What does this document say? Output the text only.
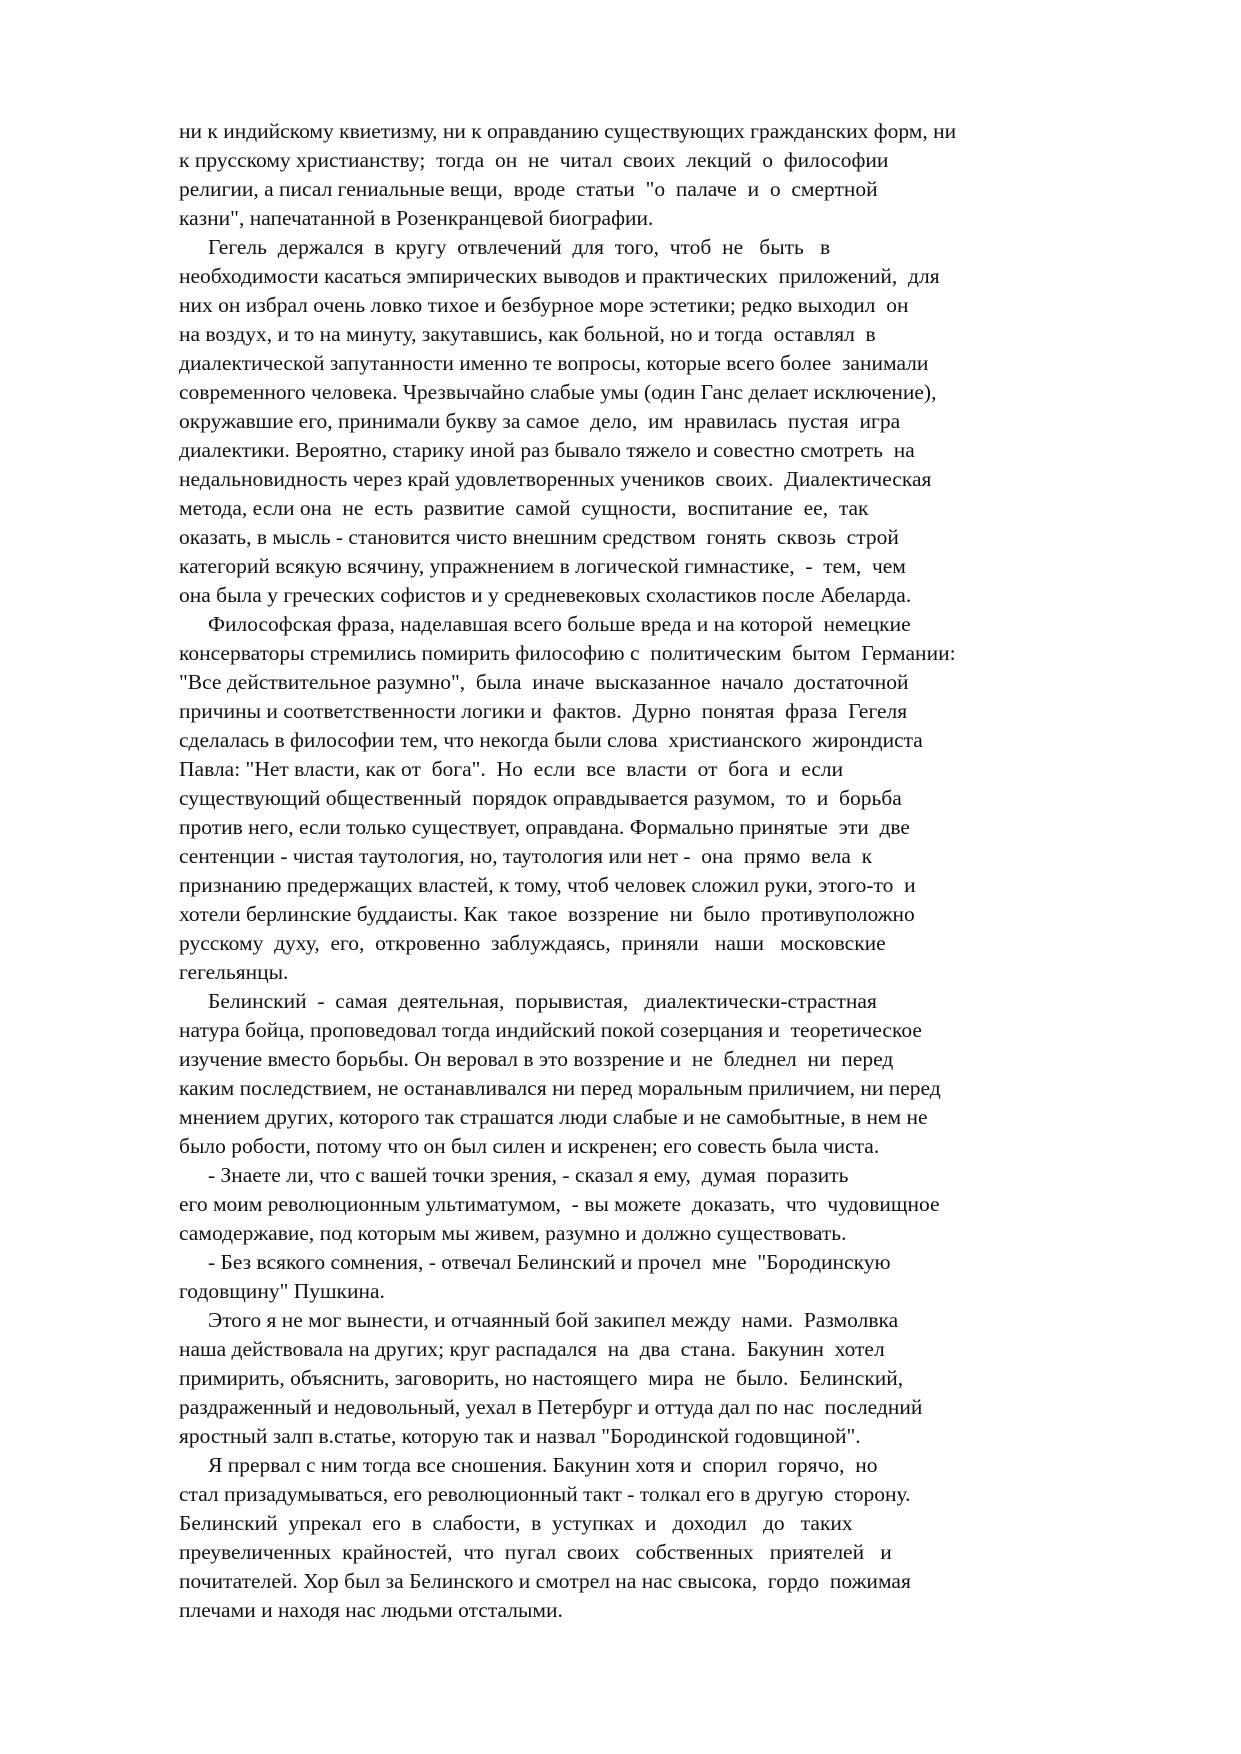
ни к индийскому квиетизму, ни к оправданию существующих гражданских форм, ни
к прусскому христианству;  тогда  он  не  читал  своих  лекций  о  философии
религии, а писал гениальные вещи,  вроде  статьи  "о  палаче  и  о  смертной
казни", напечатанной в Розенкранцевой биографии.
Гегель  держался  в  кругу  отвлечений  для  того,  чтоб  не   быть   в
необходимости касаться эмпирических выводов и практических  приложений,  для
них он избрал очень ловко тихое и безбурное море эстетики; редко выходил  он
на воздух, и то на минуту, закутавшись, как больной, но и тогда  оставлял  в
диалектической запутанности именно те вопросы, которые всего более  занимали
современного человека. Чрезвычайно слабые умы (один Ганс делает исключение),
окружавшие его, принимали букву за самое  дело,  им  нравилась  пустая  игра
диалектики. Вероятно, старику иной раз бывало тяжело и совестно смотреть  на
недальновидность через край удовлетворенных учеников  своих.  Диалектическая
метода, если она  не  есть  развитие  самой  сущности,  воспитание  ее,  так
оказать, в мысль - становится чисто внешним средством  гонять  сквозь  строй
категорий всякую всячину, упражнением в логической гимнастике,  -  тем,  чем
она была у греческих софистов и у средневековых схоластиков после Абеларда.
Философская фраза, наделавшая всего больше вреда и на которой  немецкие
консерваторы стремились помирить философию с  политическим  бытом  Германии:
"Все действительное разумно",  была  иначе  высказанное  начало  достаточной
причины и соответственности логики и  фактов.  Дурно  понятая  фраза  Гегеля
сделалась в философии тем, что некогда были слова  христианского  жирондиста
Павла: "Нет власти, как от  бога".  Но  если  все  власти  от  бога  и  если
существующий общественный  порядок оправдывается разумом,  то  и  борьба
против него, если только существует, оправдана. Формально принятые  эти  две
сентенции - чистая таутология, но, таутология или нет -  она  прямо  вела  к
признанию предержащих властей, к тому, чтоб человек сложил руки, этого-то  и
хотели берлинские буддаисты. Как  такое  воззрение  ни  было  противуположно
русскому  духу,  его,  откровенно  заблуждаясь,  приняли   наши   московские
гегельянцы.
Белинский  -  самая  деятельная,  порывистая,   диалектически-страстная
натура бойца, проповедовал тогда индийский покой созерцания и  теоретическое
изучение вместо борьбы. Он веровал в это воззрение и  не  бледнел  ни  перед
каким последствием, не останавливался ни перед моральным приличием, ни перед
мнением других, которого так страшатся люди слабые и не самобытные, в нем не
было робости, потому что он был силен и искренен; его совесть была чиста.
- Знаете ли, что с вашей точки зрения, - сказал я ему,  думая  поразить
его моим революционным ультиматумом,  - вы можете  доказать,  что  чудовищное
самодержавие, под которым мы живем, разумно и должно существовать.
- Без всякого сомнения, - отвечал Белинский и прочел  мне  "Бородинскую
годовщину" Пушкина.
Этого я не мог вынести, и отчаянный бой закипел между  нами.  Размолвка
наша действовала на других; круг распадался  на  два  стана.  Бакунин  хотел
примирить, объяснить, заговорить, но настоящего  мира  не  было.  Белинский,
раздраженный и недовольный, уехал в Петербург и оттуда дал по нас  последний
яростный залп в.статье, которую так и назвал "Бородинской годовщиной".
Я прервал с ним тогда все сношения. Бакунин хотя и  спорил  горячо,  но
стал призадумываться, его революционный такт - толкал его в другую  сторону.
Белинский  упрекал  его  в  слабости,  в  уступках  и   доходил   до   таких
преувеличенных  крайностей,  что  пугал  своих   собственных   приятелей   и
почитателей. Хор был за Белинского и смотрел на нас свысока,  гордо  пожимая
плечами и находя нас людьми отсталыми.
